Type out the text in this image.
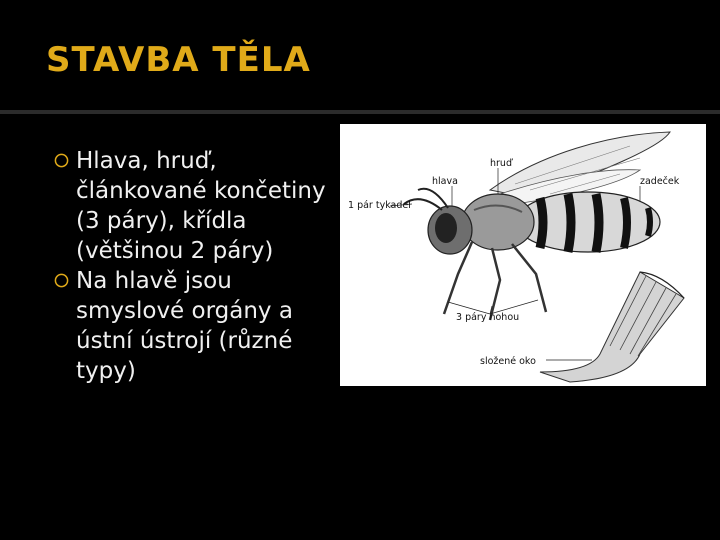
STAVBA TĚLA

Hlava, hruď, článkované končetiny (3 páry), křídla (většinou 2 páry)

Na hlavě jsou smyslové orgány a ústní ústrojí (různé typy)

hruď
hlava	zadeček
1 pár tykadel
3 páry nohou
složené oko
